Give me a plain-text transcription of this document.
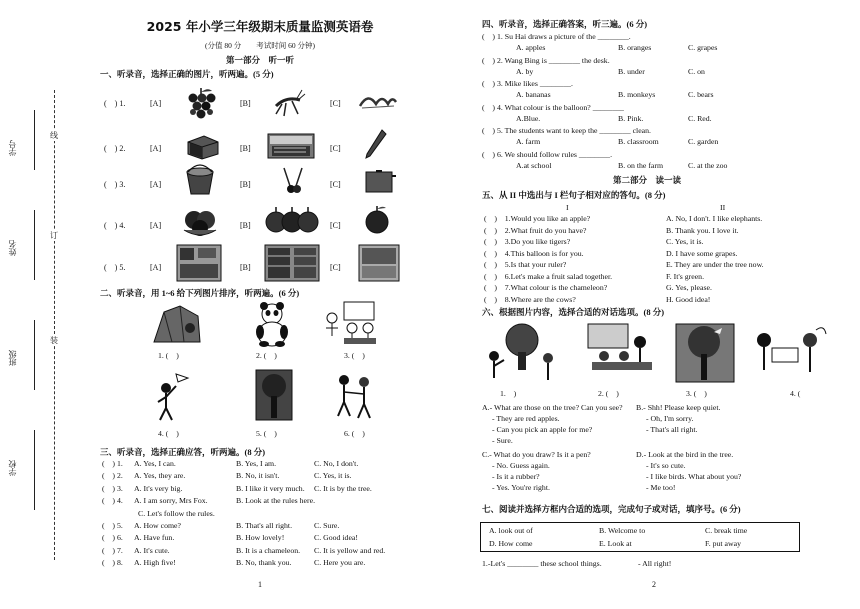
学号
姓名
班级
学校
线
订
装
2025 年小学三年级期末质量监测英语卷
(分值 80 分　　考试时间 60 分钟)
第一部分　听一听
一、听录音，选择正确的图片，听两遍。(5 分)
(　) 1.	[A]	[B]	[C]
(　) 2.	[A]	[B]	[C]
(　) 3.	[A]	[B]	[C]
(　) 4.	[A]	[B]	[C]
(　) 5.	[A]	[B]	[C]
二、听录音，用 1~6 给下列图片排序，听两遍。(6 分)
1. (　)	2. (　)	3. (　)
4. (　)	5. (　)	6. (　)
三、听录音，选择正确应答，听两遍。(8 分)
(　) 1. A. Yes, I can.	B. Yes, I am.	C. No, I don't.
(　) 2. A. Yes, they are.	B. No, it isn't.	C. Yes, it is.
(　) 3. A. It's very big.	B. I like it very much. C. It is by the tree.
(　) 4. A. I am sorry, Mrs Fox.	B. Look at the rules here.
C. Let's follow the rules.
(　) 5. A. How come?	B. That's all right.	C. Sure.
(　) 6. A. Have fun.	B. How lovely!	C. Good idea!
(　) 7. A. It's cute.	B. It is a chameleon. C. It is yellow and red.
(　) 8. A. High five!	B. No, thank you.	C. Here you are.
1
四、听录音，选择正确答案，听三遍。(6 分)
(　) 1. Su Hai draws a picture of the ________.
A. apples	B. oranges	C. grapes
(　) 2. Wang Bing is ________ the desk.
A. by	B. under	C. on
(　) 3. Mike likes ________.
A. bananas	B. monkeys	C. bears
(　) 4. What colour is the balloon? ________
A.Blue.	B. Pink.	C. Red.
(　) 5. The students want to keep the ________ clean.
A. farm	B. classroom	C. garden
(　) 6. We should follow rules ________.
A.at school	B. on the farm	C. at the zoo
第二部分　读一读
五、从 II 中选出与 I 栏句子相对应的答句。(8 分)
I	II
(　)　1.Would you like an apple?	A. No, I don't. I like elephants.
(　)　2.What fruit do you have?	B. Thank you. I love it.
(　)　3.Do you like tigers?	C. Yes, it is.
(　)　4.This balloon is for you.	D. I have some grapes.
(　)　5.Is that your ruler?	E. They are under the tree now.
(　)　6.Let's make a fruit salad together.	F. It's green.
(　)　7.What colour is the chameleon?	G. Yes, please.
(　)　8.Where are the cows?	H. Good idea!
六、根据图片内容，选择合适的对话选项。(8 分)
1.　)	2. (　)	3. (　)	4. (
A.- What are those on the tree? Can you see?
- They are red apples.
- Can you pick an apple for me?
- Sure.
B.- Shh! Please keep quiet.
- Oh, I'm sorry.
- That's all right.
C.- What do you draw? Is it a pen?
- No. Guess again.
- Is it a rubber?
- Yes. You're right.
D.- Look at the bird in the tree.
- It's so cute.
- I like birds. What about you?
- Me too!
七、阅读并选择方框内合适的选项，完成句子或对话，填序号。(6 分)
A. look out of	B. Welcome to	C. break time
D. How come	E. Look at	F. put away
1.-Let's ________ these school things.	- All right!
2
